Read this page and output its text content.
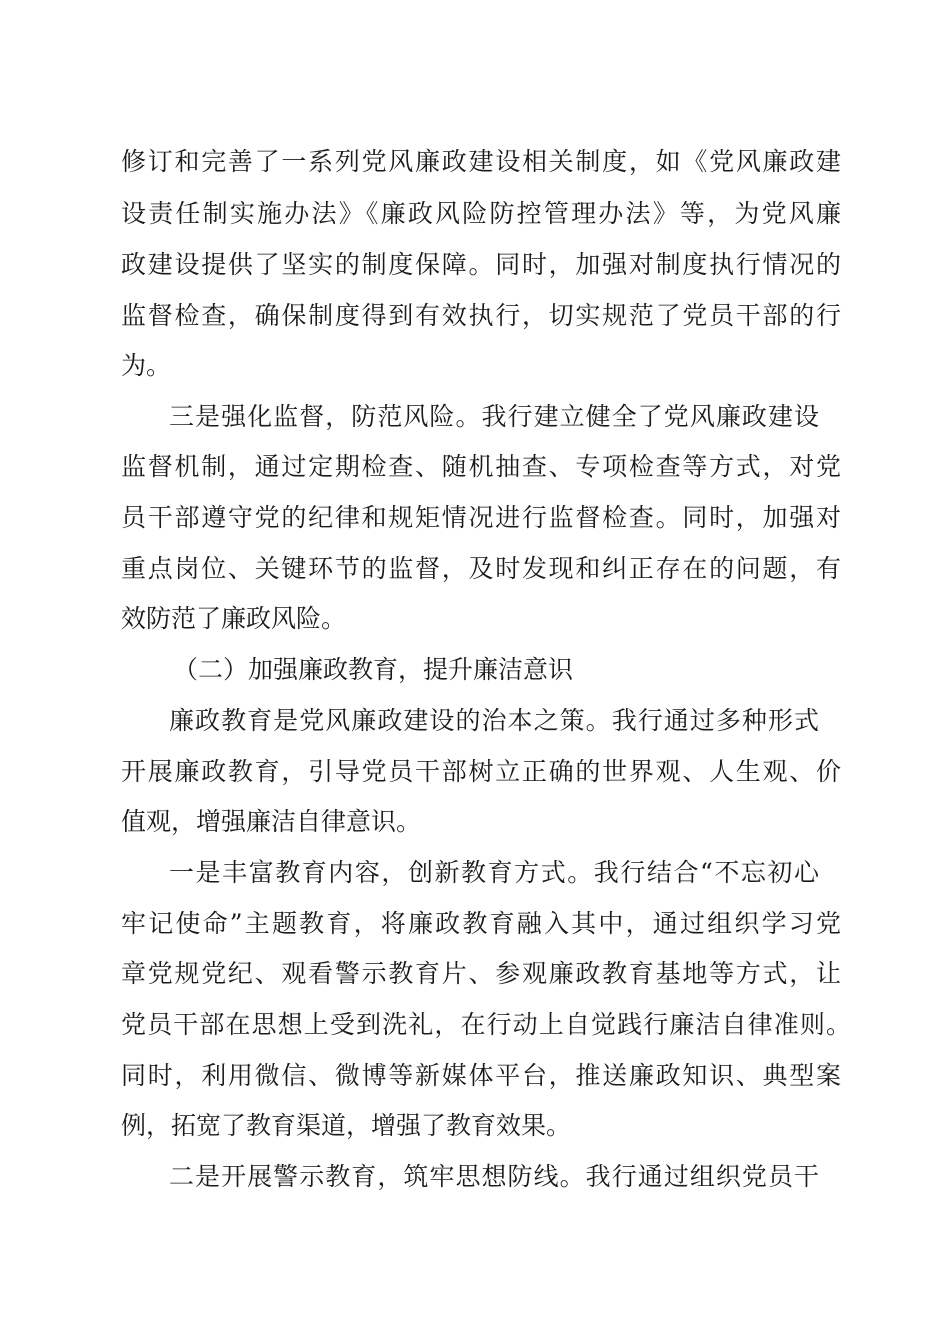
修订和完善了一系列党风廉政建设相关制度，如《党风廉政建
设责任制实施办法》《廉政风险防控管理办法》等，为党风廉
政建设提供了坚实的制度保障。同时，加强对制度执行情况的
监督检查，确保制度得到有效执行，切实规范了党员干部的行
为。
三是强化监督，防范风险。我行建立健全了党风廉政建设
监督机制，通过定期检查、随机抽查、专项检查等方式，对党
员干部遵守党的纪律和规矩情况进行监督检查。同时，加强对
重点岗位、关键环节的监督，及时发现和纠正存在的问题，有
效防范了廉政风险。
（二）加强廉政教育，提升廉洁意识
廉政教育是党风廉政建设的治本之策。我行通过多种形式
开展廉政教育，引导党员干部树立正确的世界观、人生观、价
值观，增强廉洁自律意识。
一是丰富教育内容，创新教育方式。我行结合“不忘初心
牢记使命”主题教育，将廉政教育融入其中，通过组织学习党
章党规党纪、观看警示教育片、参观廉政教育基地等方式，让
党员干部在思想上受到洗礼，在行动上自觉践行廉洁自律准则。
同时，利用微信、微博等新媒体平台，推送廉政知识、典型案
例，拓宽了教育渠道，增强了教育效果。
二是开展警示教育，筑牢思想防线。我行通过组织党员干
